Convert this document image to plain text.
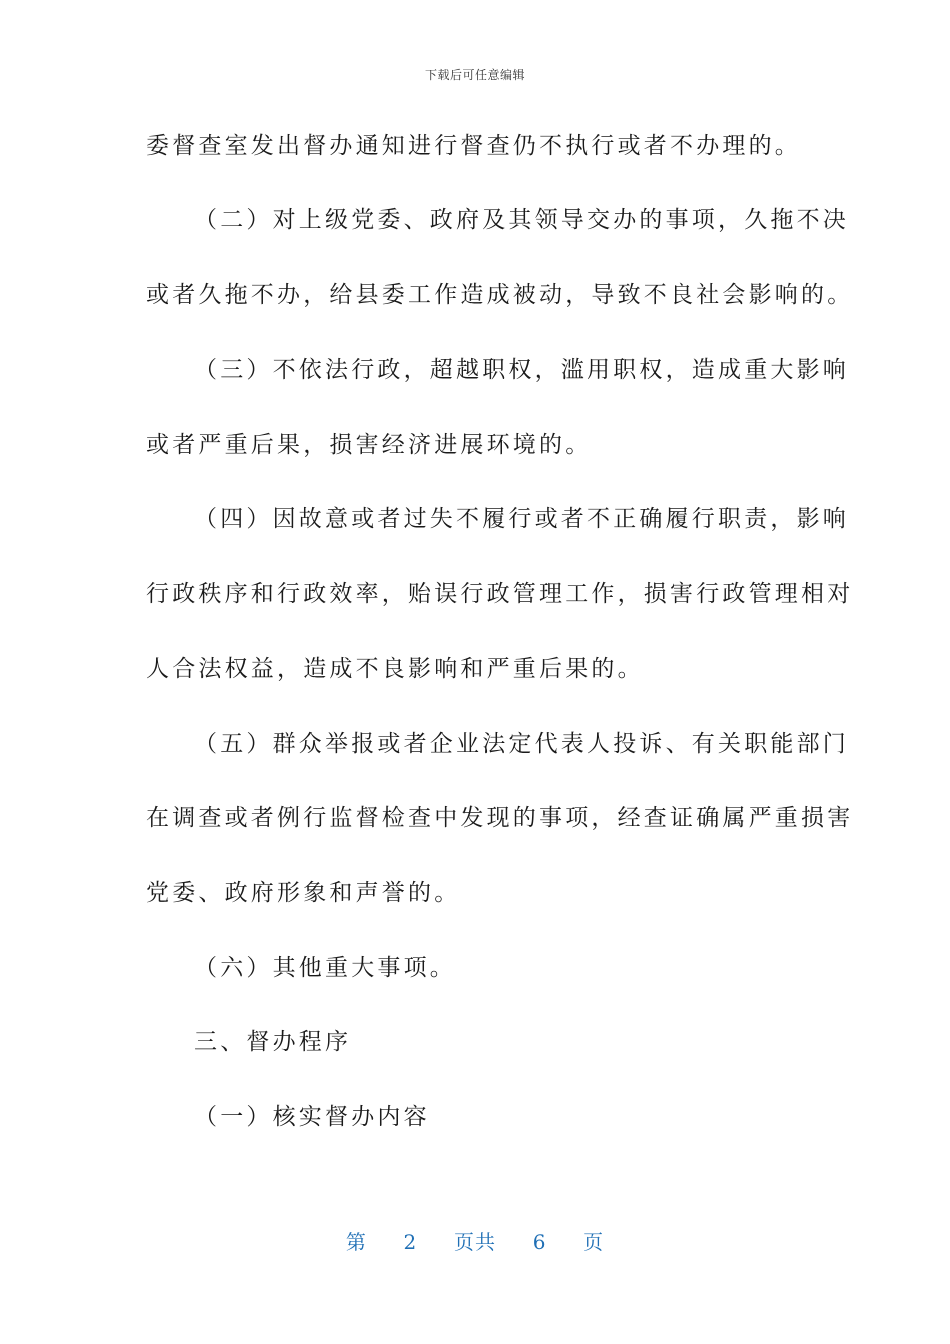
下载后可任意编辑
委督查室发出督办通知进行督查仍不执行或者不办理的。
（二）对上级党委、政府及其领导交办的事项，久拖不决
或者久拖不办，给县委工作造成被动，导致不良社会影响的。
（三）不依法行政，超越职权，滥用职权，造成重大影响
或者严重后果，损害经济进展环境的。
（四）因故意或者过失不履行或者不正确履行职责，影响
行政秩序和行政效率，贻误行政管理工作，损害行政管理相对
人合法权益，造成不良影响和严重后果的。
（五）群众举报或者企业法定代表人投诉、有关职能部门
在调查或者例行监督检查中发现的事项，经查证确属严重损害
党委、政府形象和声誉的。
（六）其他重大事项。
三、督办程序
（一）核实督办内容
第 2 页共 6 页
